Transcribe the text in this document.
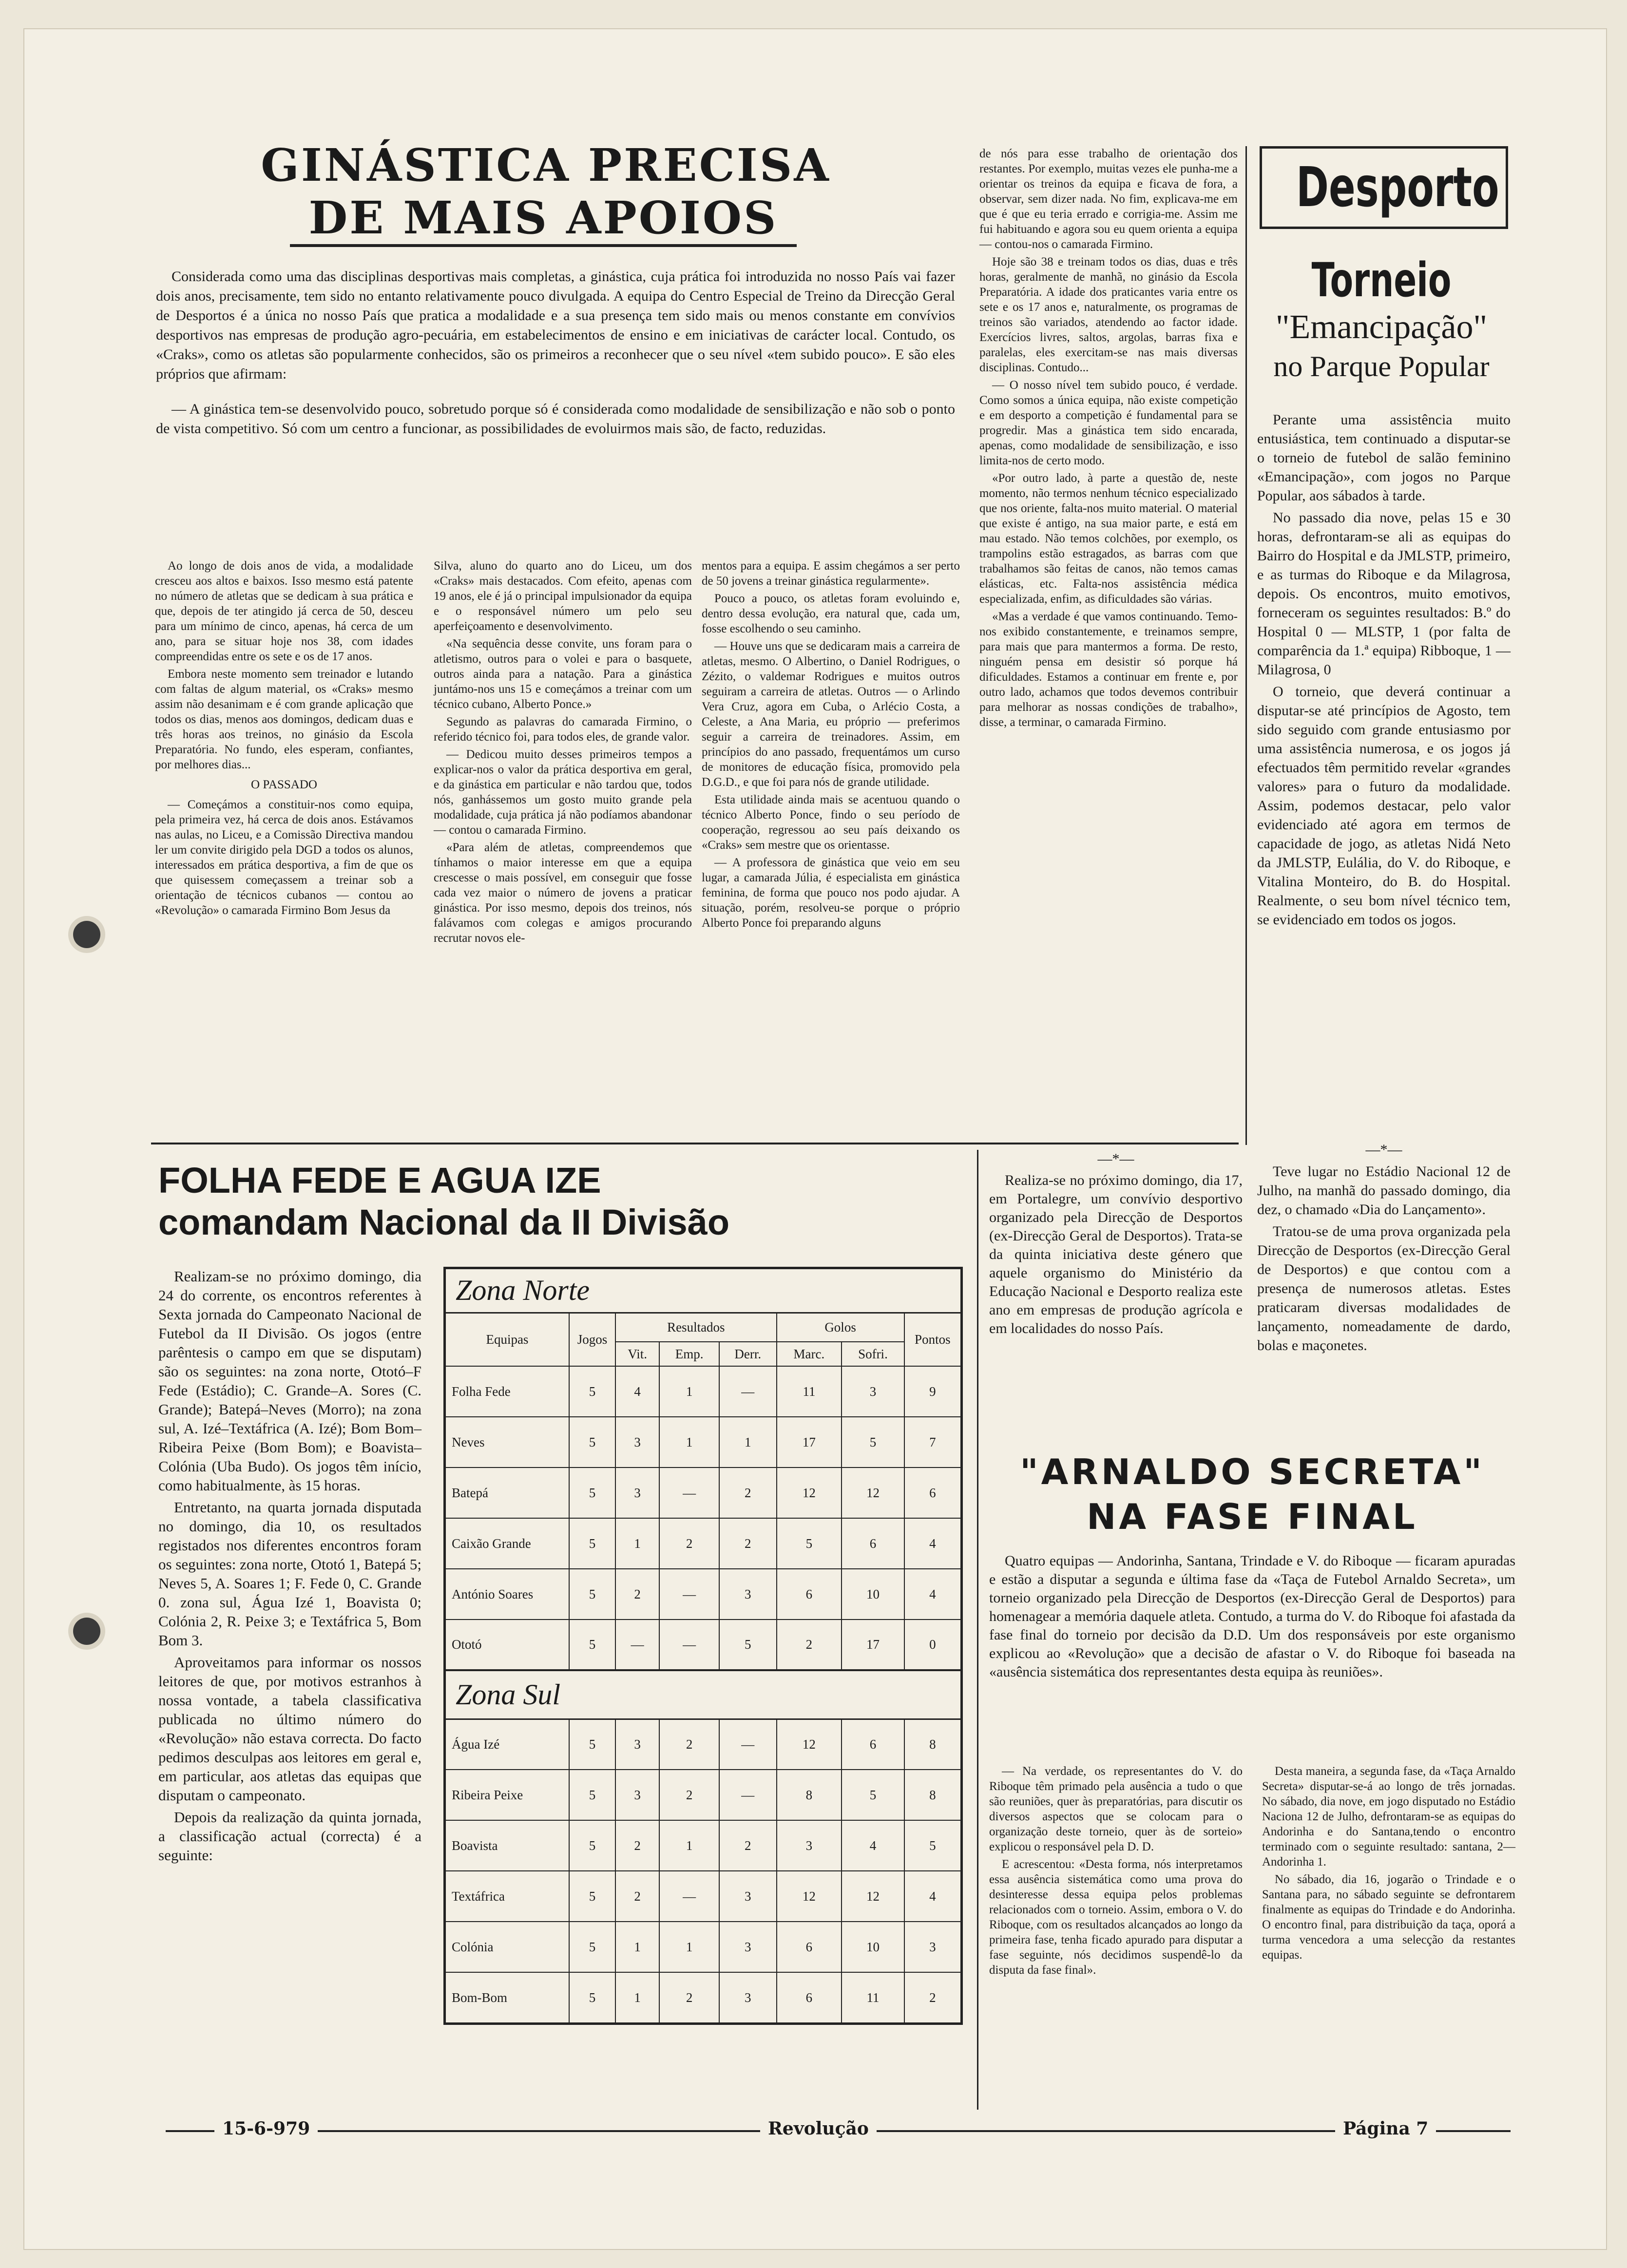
GINÁSTICA PRECISA
DE MAIS APOIOS

Considerada como uma das disciplinas desportivas mais completas, a ginástica, cuja prática foi introduzida no nosso País vai fazer dois anos, precisamente, tem sido no entanto relativamente pouco divulgada. A equipa do Centro Especial de Treino da Direcção Geral de Desportos é a única no nosso País que pratica a modalidade e a sua presença tem sido mais ou menos constante em convívios desportivos nas empresas de produção agro-pecuária, em estabelecimentos de ensino e em iniciativas de carácter local. Contudo, os «Craks», como os atletas são popularmente conhecidos, são os primeiros a reconhecer que o seu nível «tem subido pouco». E são eles próprios que afirmam:

— A ginástica tem-se desenvolvido pouco, sobretudo porque só é considerada como modalidade de sensibilização e não sob o ponto de vista competitivo. Só com um centro a funcionar, as possibilidades de evoluirmos mais são, de facto, reduzidas.

Ao longo de dois anos de vida, a modalidade cresceu aos altos e baixos. Isso mesmo está patente no número de atletas que se dedicam à sua prática e que, depois de ter atingido já cerca de 50, desceu para um mínimo de cinco, apenas, há cerca de um ano, para se situar hoje nos 38, com idades compreendidas entre os sete e os de 17 anos.

Embora neste momento sem treinador e lutando com faltas de algum material, os «Craks» mesmo assim não desanimam e é com grande aplicação que todos os dias, menos aos domingos, dedicam duas e três horas aos treinos, no ginásio da Escola Preparatória. No fundo, eles esperam, confiantes, por melhores dias...

O PASSADO

— Começámos a constituir-nos como equipa, pela primeira vez, há cerca de dois anos. Estávamos nas aulas, no Liceu, e a Comissão Directiva mandou ler um convite dirigido pela DGD a todos os alunos, interessados em prática desportiva, a fim de que os que quisessem começassem a treinar sob a orientação de técnicos cubanos — contou ao «Revolução» o camarada Firmino Bom Jesus da

Silva, aluno do quarto ano do Liceu, um dos «Craks» mais destacados. Com efeito, apenas com 19 anos, ele é já o principal impulsionador da equipa e o responsável número um pelo seu aperfeiçoamento e desenvolvimento.

«Na sequência desse convite, uns foram para o atletismo, outros para o volei e para o basquete, outros ainda para a natação. Para a ginástica juntámo-nos uns 15 e começámos a treinar com um técnico cubano, Alberto Ponce.»

Segundo as palavras do camarada Firmino, o referido técnico foi, para todos eles, de grande valor.

— Dedicou muito desses primeiros tempos a explicar-nos o valor da prática desportiva em geral, e da ginástica em particular e não tardou que, todos nós, ganhássemos um gosto muito grande pela modalidade, cuja prática já não podíamos abandonar — contou o camarada Firmino.

«Para além de atletas, compreendemos que tínhamos o maior interesse em que a equipa crescesse o mais possível, em conseguir que fosse cada vez maior o número de jovens a praticar ginástica. Por isso mesmo, depois dos treinos, nós falávamos com colegas e amigos procurando recrutar novos ele-

mentos para a equipa. E assim chegámos a ser perto de 50 jovens a treinar ginástica regularmente».

Pouco a pouco, os atletas foram evoluindo e, dentro dessa evolução, era natural que, cada um, fosse escolhendo o seu caminho.

— Houve uns que se dedicaram mais a carreira de atletas, mesmo. O Albertino, o Daniel Rodrigues, o Zézito, o valdemar Rodrigues e muitos outros seguiram a carreira de atletas. Outros — o Arlindo Vera Cruz, agora em Cuba, o Arlécio Costa, a Celeste, a Ana Maria, eu próprio — preferimos seguir a carreira de treinadores. Assim, em princípios do ano passado, frequentámos um curso de monitores de educação física, promovido pela D.G.D., e que foi para nós de grande utilidade.

Esta utilidade ainda mais se acentuou quando o técnico Alberto Ponce, findo o seu período de cooperação, regressou ao seu país deixando os «Craks» sem mestre que os orientasse.

— A professora de ginástica que veio em seu lugar, a camarada Júlia, é especialista em ginástica feminina, de forma que pouco nos podo ajudar. A situação, porém, resolveu-se porque o próprio Alberto Ponce foi preparando alguns

de nós para esse trabalho de orientação dos restantes. Por exemplo, muitas vezes ele punha-me a orientar os treinos da equipa e ficava de fora, a observar, sem dizer nada. No fim, explicava-me em que é que eu teria errado e corrigia-me. Assim me fui habituando e agora sou eu quem orienta a equipa — contou-nos o camarada Firmino.

Hoje são 38 e treinam todos os dias, duas e três horas, geralmente de manhã, no ginásio da Escola Preparatória. A idade dos praticantes varia entre os sete e os 17 anos e, naturalmente, os programas de treinos são variados, atendendo ao factor idade. Exercícios livres, saltos, argolas, barras fixa e paralelas, eles exercitam-se nas mais diversas disciplinas. Contudo...

— O nosso nível tem subido pouco, é verdade. Como somos a única equipa, não existe competição e em desporto a competição é fundamental para se progredir. Mas a ginástica tem sido encarada, apenas, como modalidade de sensibilização, e isso limita-nos de certo modo.

«Por outro lado, à parte a questão de, neste momento, não termos nenhum técnico especializado que nos oriente, falta-nos muito material. O material que existe é antigo, na sua maior parte, e está em mau estado. Não temos colchões, por exemplo, os trampolins estão estragados, as barras com que trabalhamos são feitas de canos, não temos camas elásticas, etc. Falta-nos assistência médica especializada, enfim, as dificuldades são várias.

«Mas a verdade é que vamos continuando. Temo-nos exibido constantemente, e treinamos sempre, para mais que para mantermos a forma. De resto, ninguém pensa em desistir só porque há dificuldades. Estamos a continuar em frente e, por outro lado, achamos que todos devemos contribuir para melhorar as nossas condições de trabalho», disse, a terminar, o camarada Firmino.

Desporto
Torneio
"Emancipação"
no Parque Popular

Perante uma assistência muito entusiástica, tem continuado a disputar-se o torneio de futebol de salão feminino «Emancipação», com jogos no Parque Popular, aos sábados à tarde.

No passado dia nove, pelas 15 e 30 horas, defrontaram-se ali as equipas do Bairro do Hospital e da JMLSTP, primeiro, e as turmas do Riboque e da Milagrosa, depois. Os encontros, muito emotivos, forneceram os seguintes resultados: B.º do Hospital 0 — MLSTP, 1 (por falta de comparência da 1.ª equipa) Ribboque, 1 — Milagrosa, 0

O torneio, que deverá continuar a disputar-se até princípios de Agosto, tem sido seguido com grande entusiasmo por uma assistência numerosa, e os jogos já efectuados têm permitido revelar «grandes valores» para o futuro da modalidade. Assim, podemos destacar, pelo valor evidenciado até agora em termos de capacidade de jogo, as atletas Nidá Neto da JMLSTP, Eulália, do V. do Riboque, e Vitalina Monteiro, do B. do Hospital. Realmente, o seu bom nível técnico tem, se evidenciado em todos os jogos.

—*—

Teve lugar no Estádio Nacional 12 de Julho, na manhã do passado domingo, dia dez, o chamado «Dia do Lançamento».

Tratou-se de uma prova organizada pela Direcção de Desportos (ex-Direcção Geral de Desportos) e que contou com a presença de numerosos atletas. Estes praticaram diversas modalidades de lançamento, nomeadamente de dardo, bolas e maçonetes.

FOLHA FEDE E AGUA IZE
comandam Nacional da II Divisão

Realizam-se no próximo domingo, dia 24 do corrente, os encontros referentes à Sexta jornada do Campeonato Nacional de Futebol da II Divisão. Os jogos (entre parêntesis o campo em que se disputam) são os seguintes: na zona norte, Ototó–F Fede (Estádio); C. Grande–A. Sores (C. Grande); Batepá–Neves (Morro); na zona sul, A. Izé–Textáfrica (A. Izé); Bom Bom–Ribeira Peixe (Bom Bom); e Boavista–Colónia (Uba Budo). Os jogos têm início, como habitualmente, às 15 horas.

Entretanto, na quarta jornada disputada no domingo, dia 10, os resultados registados nos diferentes encontros foram os seguintes: zona norte, Ototó 1, Batepá 5; Neves 5, A. Soares 1; F. Fede 0, C. Grande 0. zona sul, Água Izé 1, Boavista 0; Colónia 2, R. Peixe 3; e Textáfrica 5, Bom Bom 3.

Aproveitamos para informar os nossos leitores de que, por motivos estranhos à nossa vontade, a tabela classificativa publicada no último número do «Revolução» não estava correcta. Do facto pedimos desculpas aos leitores em geral e, em particular, aos atletas das equipas que disputam o campeonato.

Depois da realização da quinta jornada, a classificação actual (correcta) é a seguinte:

Zona Norte							
Equipas	Jogos	Resultados			Golos		Pontos
		Vit.	Emp.	Derr.	Marc.	Sofri.	
Folha Fede	5	4	1	—	11	3	9
Neves	5	3	1	1	17	5	7
Batepá	5	3	—	2	12	12	6
Caixão Grande	5	1	2	2	5	6	4
António Soares	5	2	—	3	6	10	4
Ototó	5	—	—	5	2	17	0
Zona Sul							
Água Izé	5	3	2	—	12	6	8
Ribeira Peixe	5	3	2	—	8	5	8
Boavista	5	2	1	2	3	4	5
Textáfrica	5	2	—	3	12	12	4
Colónia	5	1	1	3	6	10	3
Bom-Bom	5	1	2	3	6	11	2

—*—

Realiza-se no próximo domingo, dia 17, em Portalegre, um convívio desportivo organizado pela Direcção de Desportos (ex-Direcção Geral de Desportos). Trata-se da quinta iniciativa deste género que aquele organismo do Ministério da Educação Nacional e Desporto realiza este ano em empresas de produção agrícola e em localidades do nosso País.

"ARNALDO SECRETA"
NA FASE FINAL

Quatro equipas — Andorinha, Santana, Trindade e V. do Riboque — ficaram apuradas e estão a disputar a segunda e última fase da «Taça de Futebol Arnaldo Secreta», um torneio organizado pela Direcção de Desportos (ex-Direcção Geral de Desportos) para homenagear a memória daquele atleta. Contudo, a turma do V. do Riboque foi afastada da fase final do torneio por decisão da D.D. Um dos responsáveis por este organismo explicou ao «Revolução» que a decisão de afastar o V. do Riboque foi baseada na «ausência sistemática dos representantes desta equipa às reuniões».

— Na verdade, os representantes do V. do Riboque têm primado pela ausência a tudo o que são reuniões, quer às preparatórias, para discutir os diversos aspectos que se colocam para o organização deste torneio, quer às de sorteio» explicou o responsável pela D. D.

E acrescentou: «Desta forma, nós interpretamos essa ausência sistemática como uma prova do desinteresse dessa equipa pelos problemas relacionados com o torneio. Assim, embora o V. do Riboque, com os resultados alcançados ao longo da primeira fase, tenha ficado apurado para disputar a fase seguinte, nós decidimos suspendê-lo da disputa da fase final».

Desta maneira, a segunda fase, da «Taça Arnaldo Secreta» disputar-se-á ao longo de três jornadas. No sábado, dia nove, em jogo disputado no Estádio Naciona 12 de Julho, defrontaram-se as equipas do Andorinha e do Santana,tendo o encontro terminado com o seguinte resultado: santana, 2—Andorinha 1.

No sábado, dia 16, jogarão o Trindade e o Santana para, no sábado seguinte se defrontarem finalmente as equipas do Trindade e do Andorinha. O encontro final, para distribuição da taça, oporá a turma vencedora a uma selecção da restantes equipas.

15-6-979	Revolução	Página 7
